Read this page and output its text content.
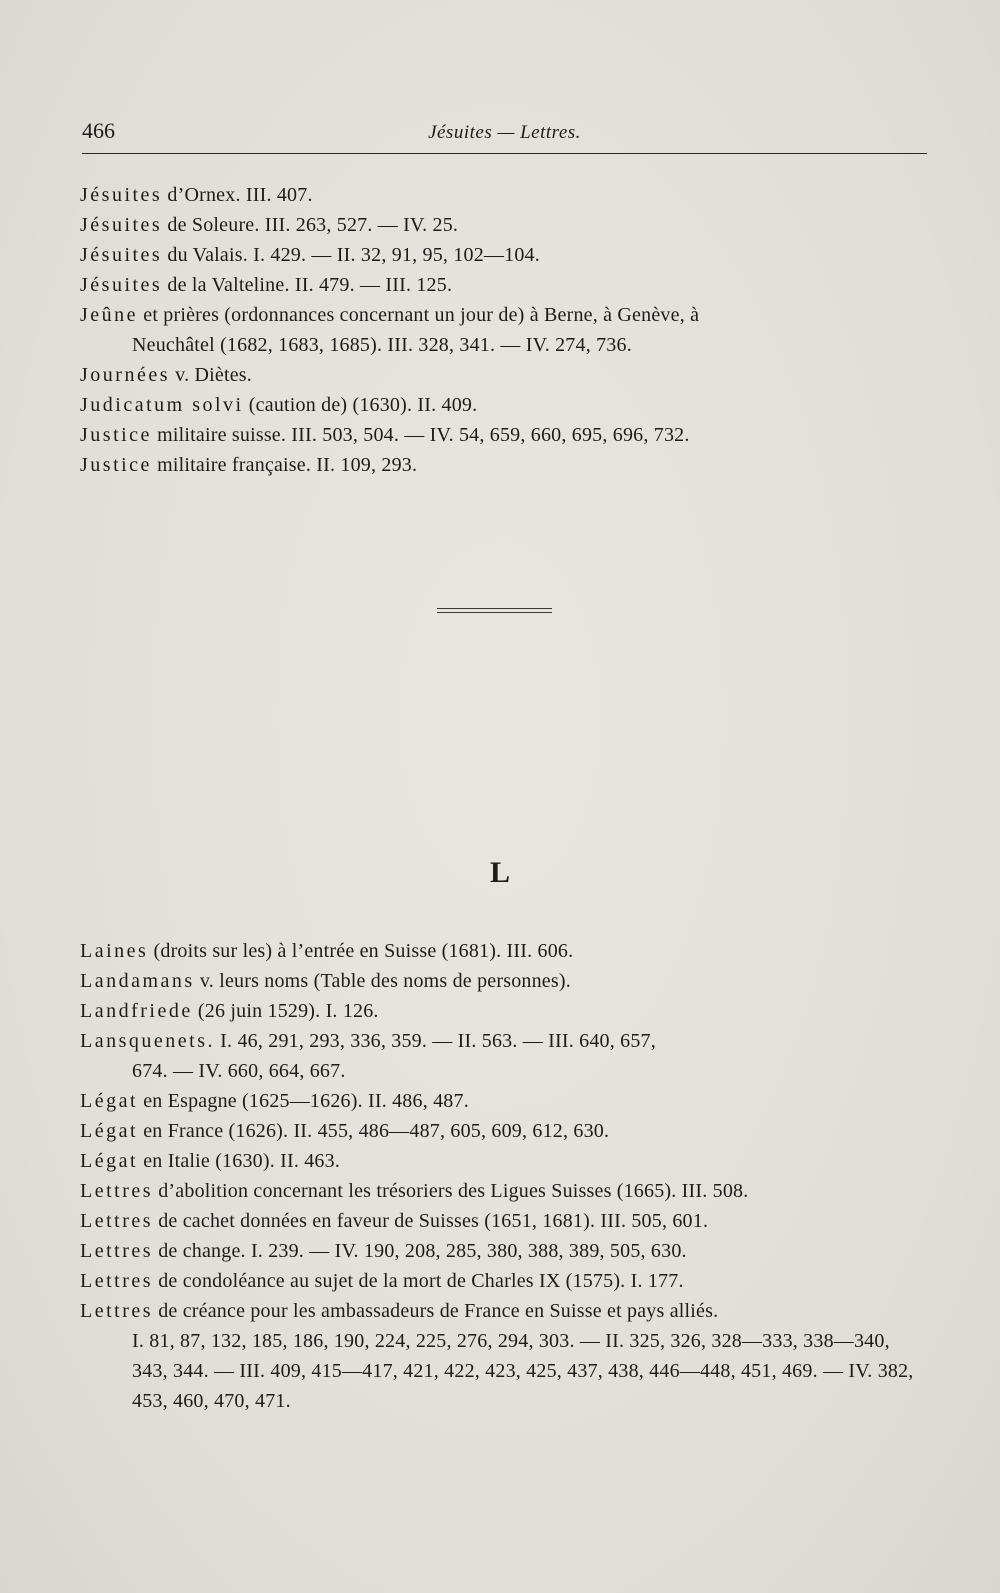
466	Jésuites — Lettres.

Jésuites d’Ornex. III. 407.

Jésuites de Soleure. III. 263, 527. — IV. 25.

Jésuites du Valais. I. 429. — II. 32, 91, 95, 102—104.

Jésuites de la Valteline. II. 479. — III. 125.

Jeûne et prières (ordonnances concernant un jour de) à Berne, à Genève, à
Neuchâtel (1682, 1683, 1685). III. 328, 341. — IV. 274, 736.

Journées v. Diètes.

Judicatum solvi (caution de) (1630). II. 409.

Justice militaire suisse. III. 503, 504. — IV. 54, 659, 660, 695, 696, 732.

Justice militaire française. II. 109, 293.

L

Laines (droits sur les) à l’entrée en Suisse (1681). III. 606.

Landamans v. leurs noms (Table des noms de personnes).

Landfriede (26 juin 1529). I. 126.

Lansquenets. I. 46, 291, 293, 336, 359. — II. 563. — III. 640, 657,
674. — IV. 660, 664, 667.

Légat en Espagne (1625—1626). II. 486, 487.

Légat en France (1626). II. 455, 486—487, 605, 609, 612, 630.

Légat en Italie (1630). II. 463.

Lettres d’abolition concernant les trésoriers des Ligues Suisses (1665). III. 508.

Lettres de cachet données en faveur de Suisses (1651, 1681). III. 505, 601.

Lettres de change. I. 239. — IV. 190, 208, 285, 380, 388, 389, 505, 630.

Lettres de condoléance au sujet de la mort de Charles IX (1575). I. 177.

Lettres de créance pour les ambassadeurs de France en Suisse et pays alliés.
I. 81, 87, 132, 185, 186, 190, 224, 225, 276, 294, 303. — II. 325, 326, 328—333, 338—340, 343, 344. — III. 409, 415—417, 421, 422, 423, 425, 437, 438, 446—448, 451, 469. — IV. 382, 453, 460, 470, 471.
